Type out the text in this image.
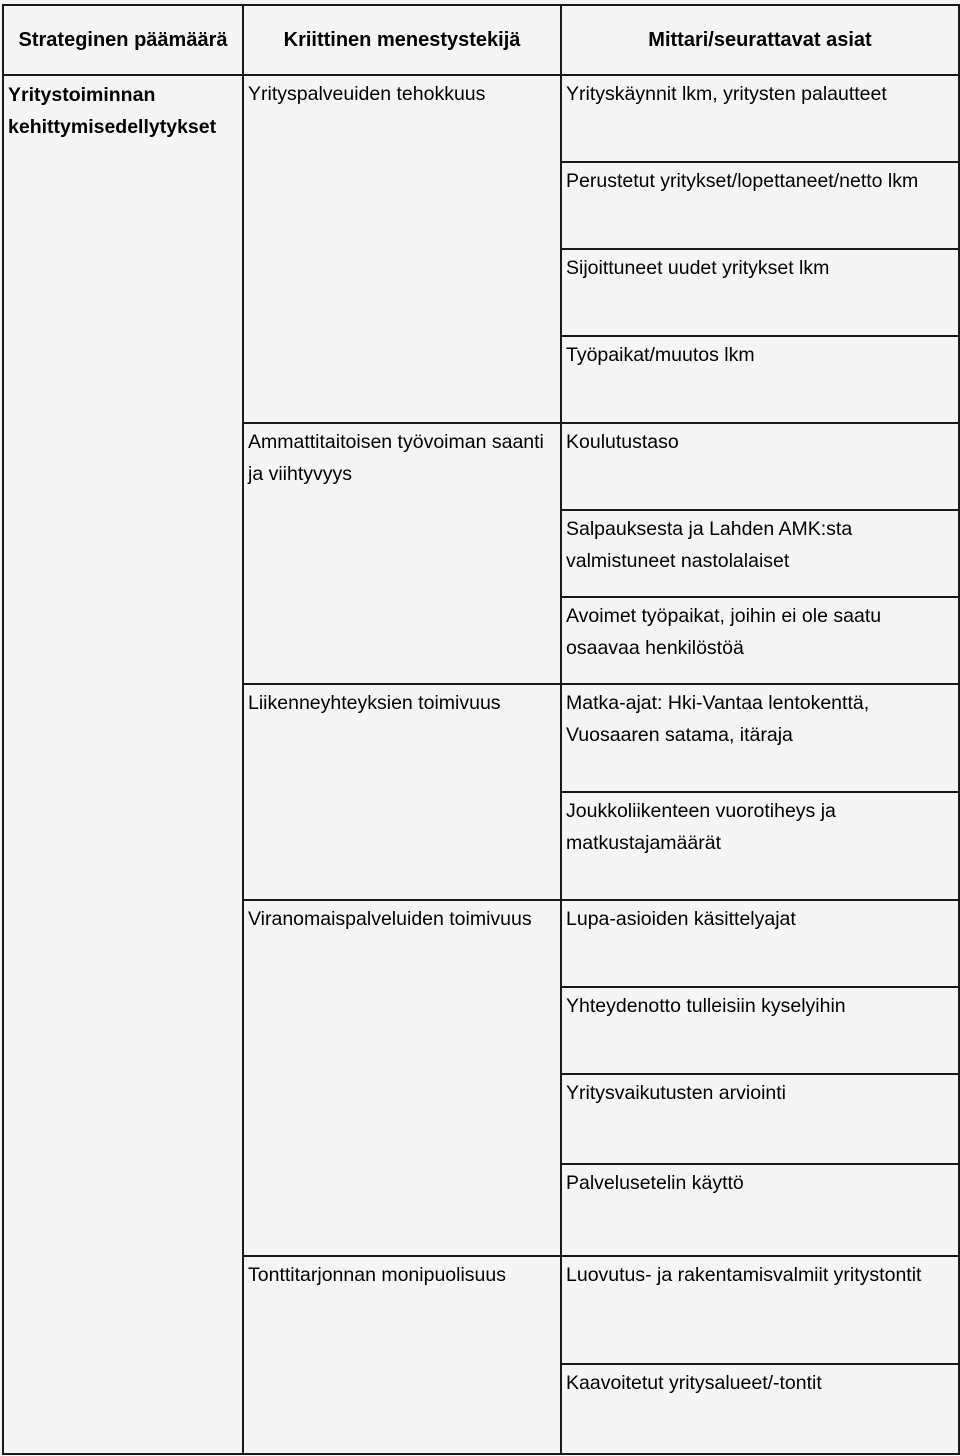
Strateginen päämäärä	Kriittinen menestystekijä	Mittari/seurattavat asiat

Yritystoiminnan kehittymisedellytykset	Yrityspalveuiden tehokkuus	Yrityskäynnit lkm, yritysten palautteet

		Perustetut yritykset/lopettaneet/netto lkm

		Sijoittuneet uudet yritykset lkm

		Työpaikat/muutos lkm

	Ammattitaitoisen työvoiman saanti ja viihtyvyys	Koulutustaso

		Salpauksesta ja Lahden AMK:sta valmistuneet nastolalaiset

		Avoimet työpaikat, joihin ei ole saatu osaavaa henkilöstöä

	Liikenneyhteyksien toimivuus	Matka-ajat: Hki-Vantaa lentokenttä, Vuosaaren satama, itäraja

		Joukkoliikenteen vuorotiheys ja matkustajamäärät

	Viranomaispalveluiden toimivuus	Lupa-asioiden käsittelyajat

		Yhteydenotto tulleisiin kyselyihin

		Yritysvaikutusten arviointi

		Palvelusetelin käyttö

	Tonttitarjonnan monipuolisuus	Luovutus- ja rakentamisvalmiit yritystontit

		Kaavoitetut yritysalueet/-tontit
